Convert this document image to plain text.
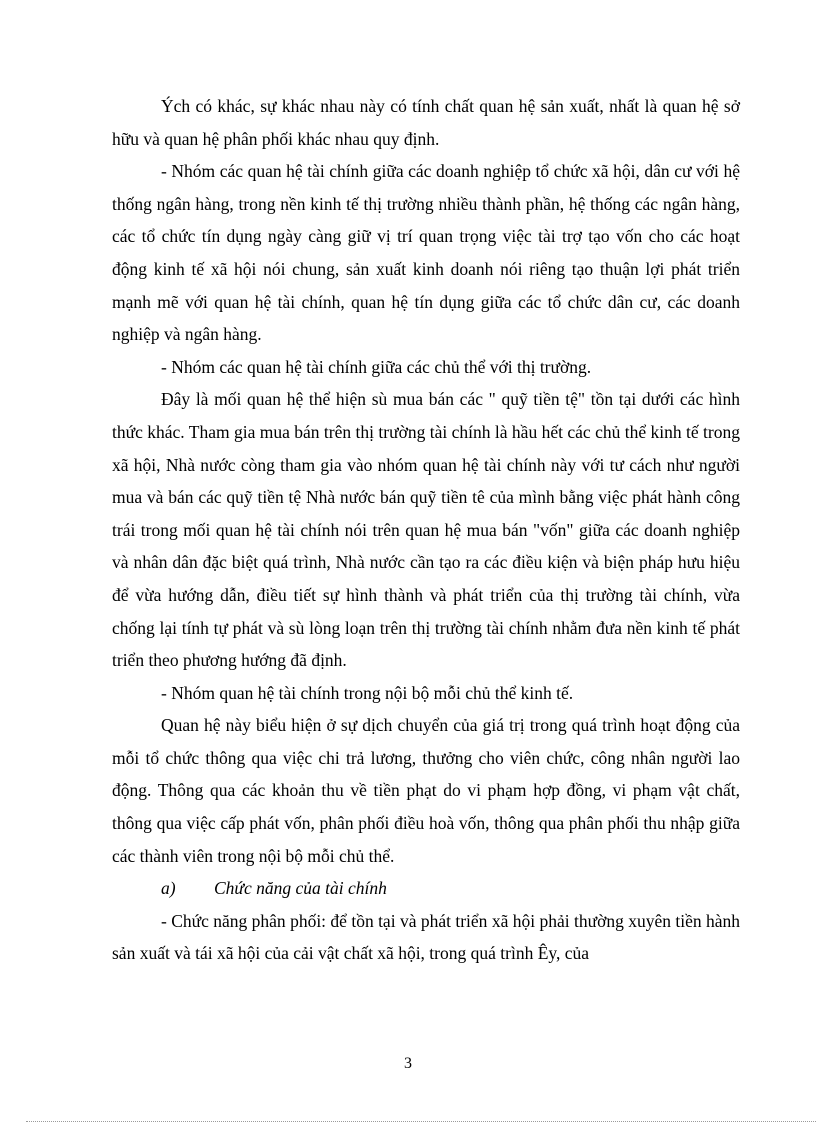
Ých có khác, sự khác nhau này có tính chất quan hệ sản xuất, nhất là quan hệ sở hữu và quan hệ phân phối khác nhau quy định.

- Nhóm các quan hệ tài chính giữa các doanh nghiệp tổ chức xã hội, dân cư với hệ thống ngân hàng, trong nền kinh tế thị trường nhiều thành phần, hệ thống các ngân hàng, các tổ chức tín dụng ngày càng giữ vị trí quan trọng việc tài trợ tạo vốn cho các hoạt động kinh tế xã hội nói chung, sản xuất kinh doanh nói riêng tạo thuận lợi phát triển mạnh mẽ với quan hệ tài chính, quan hệ tín dụng giữa các tổ chức dân cư, các doanh nghiệp và ngân hàng.

- Nhóm các quan hệ tài chính giữa các chủ thể với thị trường.

Đây là mối quan hệ thể hiện sù mua bán các " quỹ tiền tệ" tồn tại dưới các hình thức khác. Tham gia mua bán trên thị trường tài chính là hầu hết các chủ thể kinh tế trong xã hội, Nhà nước còng tham gia vào nhóm quan hệ tài chính này với tư cách như người mua và bán các quỹ tiền tệ Nhà nước bán quỹ tiền tê của mình bằng việc phát hành công trái trong mối quan hệ tài chính nói trên quan hệ mua bán "vốn" giữa các doanh nghiệp và nhân dân đặc biệt quá trình, Nhà nước cần tạo ra các điều kiện và biện pháp hưu hiệu để vừa hướng dẫn, điều tiết sự hình thành và phát triển của thị trường tài chính, vừa chống lại tính tự phát và sù lòng loạn trên thị trường tài chính nhằm đưa nền kinh tế phát triển theo phương hướng đã định.

- Nhóm quan hệ tài chính trong nội bộ mỗi chủ thể kinh tế.

Quan hệ này biểu hiện ở sự dịch chuyển của giá trị trong quá trình hoạt động của mỗi tổ chức thông qua việc chi trả lương, thưởng cho viên chức, công nhân người lao động. Thông qua các khoản thu về tiền phạt do vi phạm hợp đồng, vi phạm vật chất, thông qua việc cấp phát vốn, phân phối điều hoà vốn, thông qua phân phối thu nhập giữa các thành viên trong nội bộ mỗi chủ thể.

a) Chức năng của tài chính

- Chức năng phân phối: để tồn tại và phát triển xã hội phải thường xuyên tiền hành sản xuất và tái xã hội của cải vật chất xã hội, trong quá trình Êy, của

3
